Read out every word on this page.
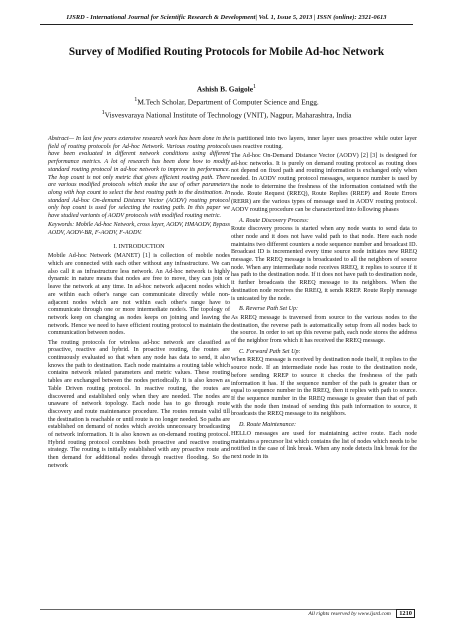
IJSRD - International Journal for Scientific Research & Development| Vol. 1, Issue 5, 2013 | ISSN (online): 2321-0613
Survey of Modified Routing Protocols for Mobile Ad-hoc Network
Ashish B. Gaigole$^1$
$^1$M.Tech Scholar, Department of Computer Science and Engg.
$^1$Visvesvaraya National Institute of Technology (VNIT), Nagpur, Maharashtra, India

Abstract— In last few years extensive research work has been done in the field of routing protocols for Ad-hoc Network. Various routing protocols have been evaluated in different network conditions using different performance metrics. A lot of research has been done how to modify standard routing protocol in ad-hoc network to improve its performance. The hop count is not only metric that gives efficient routing path. There are various modified protocols which make the use of other parameters along with hop count to select the best routing path to the destination. In standard Ad-hoc On-demand Distance Vector (AODV) routing protocol only hop count is used for selecting the routing path. In this paper we have studied variants of AODV protocols with modified routing metric.

Keywords: Mobile Ad-hoc Network, cross layer, AODV, HMAODV, Bypass AODV, AODV-BR, F-AODV, F-AODV.

I. INTRODUCTION

Mobile Ad-hoc Network (MANET) [1] is collection of mobile nodes which are connected with each other without any infrastructure. We can also call it as infrastructure less network. An Ad-hoc network is highly dynamic in nature means that nodes are free to move, they can join or leave the network at any time. In ad-hoc network adjacent nodes which are within each other's range can communicate directly while non-adjacent nodes which are not within each other's range have to communicate through one or more intermediate node/s. The topology of network keep on changing as nodes keeps on joining and leaving the network. Hence we need to have efficient routing protocol to maintain the communication between nodes.

The routing protocols for wireless ad-hoc network are classified as proactive, reactive and hybrid. In proactive routing, the routes are continuously evaluated so that when any node has data to send, it also knows the path to destination. Each node maintains a routing table which contains network related parameters and metric values. These routing tables are exchanged between the nodes periodically. It is also known as Table Driven routing protocol. In reactive routing, the routes are discovered and established only when they are needed. The nodes are unaware of network topology. Each node has to go through route discovery and route maintenance procedure. The routes remain valid till the destination is reachable or until route is no longer needed. So paths are established on demand of nodes which avoids unnecessary broadcasting of network information. It is also known as on-demand routing protocol. Hybrid routing protocol combines both proactive and reactive routing strategy. The routing is initially established with any proactive route and then demand for additional nodes through reactive flooding. So the network

is partitioned into two layers, inner layer uses proactive while outer layer uses reactive routing.

The Ad-hoc On-Demand Distance Vector (AODV) [2] [3] is designed for ad-hoc networks. It is purely on demand routing protocol as routing does not depend on fixed path and routing information is exchanged only when needed. In AODV routing protocol messages, sequence number is used by the node to determine the freshness of the information contained with the node. Route Request (RREQ), Route Replies (RREP) and Route Errors (RERR) are the various types of message used in AODV routing protocol. AODV routing procedure can be characterized into following phases

A. Route Discovery Process:

Route discovery process is started when any node wants to send data to other node and it does not have valid path to that node. Here each node maintains two different counters a node sequence number and broadcast ID. Broadcast ID is incremented every time source node initiates new RREQ message. The RREQ message is broadcasted to all the neighbors of source node. When any intermediate node receives RREQ, it replies to source if it has path to the destination node. If it does not have path to destination node, it further broadcasts the RREQ message to its neighbors. When the destination node receives the RREQ, it sends RREP. Route Reply message is unicasted by the node.

B. Reverse Path Set Up:

As RREQ message is traversed from source to the various nodes to the destination, the reverse path is automatically setup from all nodes back to the source. In order to set up this reverse path, each node stores the address of the neighbor from which it has received the RREQ message.

C. Forward Path Set Up:

When RREQ message is received by destination node itself, it replies to the source node. If an intermediate node has route to the destination node, before sending RREP to source it checks the freshness of the path information it has. If the sequence number of the path is greater than or equal to sequence number in the RREQ, then it replies with path to source. If the sequence number in the RREQ message is greater than that of path with the node then instead of sending this path information to source, it broadcasts the RREQ message to its neighbors.

D. Route Maintenance:

HELLO messages are used for maintaining active route. Each node maintains a precursor list which contains the list of nodes which needs to be notified in the case of link break. When any node detects link break for the next node in its

All rights reserved by www.ijsrd.com 1210
